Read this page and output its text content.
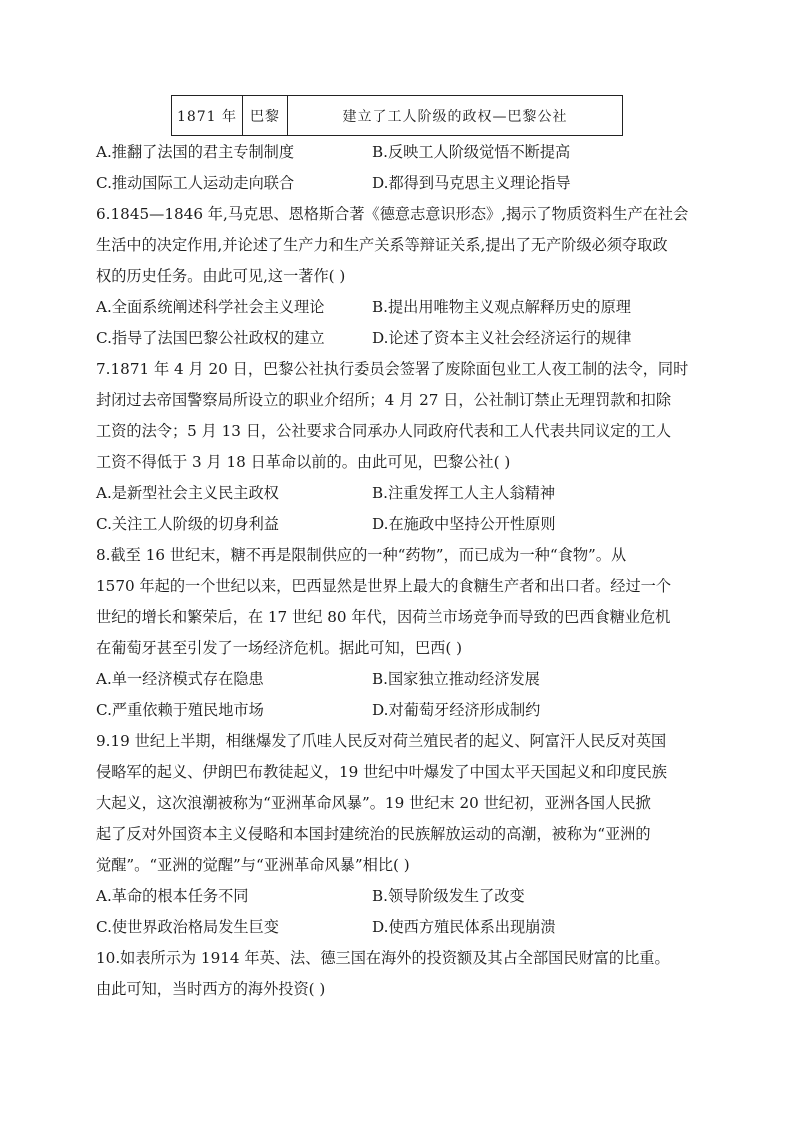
1871 年	巴黎	建立了工人阶级的政权—巴黎公社
A.推翻了法国的君主专制制度	B.反映工人阶级觉悟不断提高
C.推动国际工人运动走向联合	D.都得到马克思主义理论指导
6.1845—1846 年,马克思、恩格斯合著《德意志意识形态》,揭示了物质资料生产在社会
生活中的决定作用,并论述了生产力和生产关系等辩证关系,提出了无产阶级必须夺取政
权的历史任务。由此可见,这一著作( )
A.全面系统阐述科学社会主义理论	B.提出用唯物主义观点解释历史的原理
C.指导了法国巴黎公社政权的建立	D.论述了资本主义社会经济运行的规律
7.1871 年 4 月 20 日，巴黎公社执行委员会签署了废除面包业工人夜工制的法令，同时
封闭过去帝国警察局所设立的职业介绍所；4 月 27 日，公社制订禁止无理罚款和扣除
工资的法令；5 月 13 日，公社要求合同承办人同政府代表和工人代表共同议定的工人
工资不得低于 3 月 18 日革命以前的。由此可见，巴黎公社( )
A.是新型社会主义民主政权	B.注重发挥工人主人翁精神
C.关注工人阶级的切身利益	D.在施政中坚持公开性原则
8.截至 16 世纪末，糖不再是限制供应的一种“药物”，而已成为一种“食物”。从
1570 年起的一个世纪以来，巴西显然是世界上最大的食糖生产者和出口者。经过一个
世纪的增长和繁荣后，在 17 世纪 80 年代，因荷兰市场竞争而导致的巴西食糖业危机
在葡萄牙甚至引发了一场经济危机。据此可知，巴西( )
A.单一经济模式存在隐患	B.国家独立推动经济发展
C.严重依赖于殖民地市场	D.对葡萄牙经济形成制约
9.19 世纪上半期，相继爆发了爪哇人民反对荷兰殖民者的起义、阿富汗人民反对英国
侵略军的起义、伊朗巴布教徒起义，19 世纪中叶爆发了中国太平天国起义和印度民族
大起义，这次浪潮被称为“亚洲革命风暴”。19 世纪末 20 世纪初，亚洲各国人民掀
起了反对外国资本主义侵略和本国封建统治的民族解放运动的高潮，被称为“亚洲的
觉醒”。“亚洲的觉醒”与“亚洲革命风暴”相比( )
A.革命的根本任务不同	B.领导阶级发生了改变
C.使世界政治格局发生巨变	D.使西方殖民体系出现崩溃
10.如表所示为 1914 年英、法、德三国在海外的投资额及其占全部国民财富的比重。
由此可知，当时西方的海外投资( )
